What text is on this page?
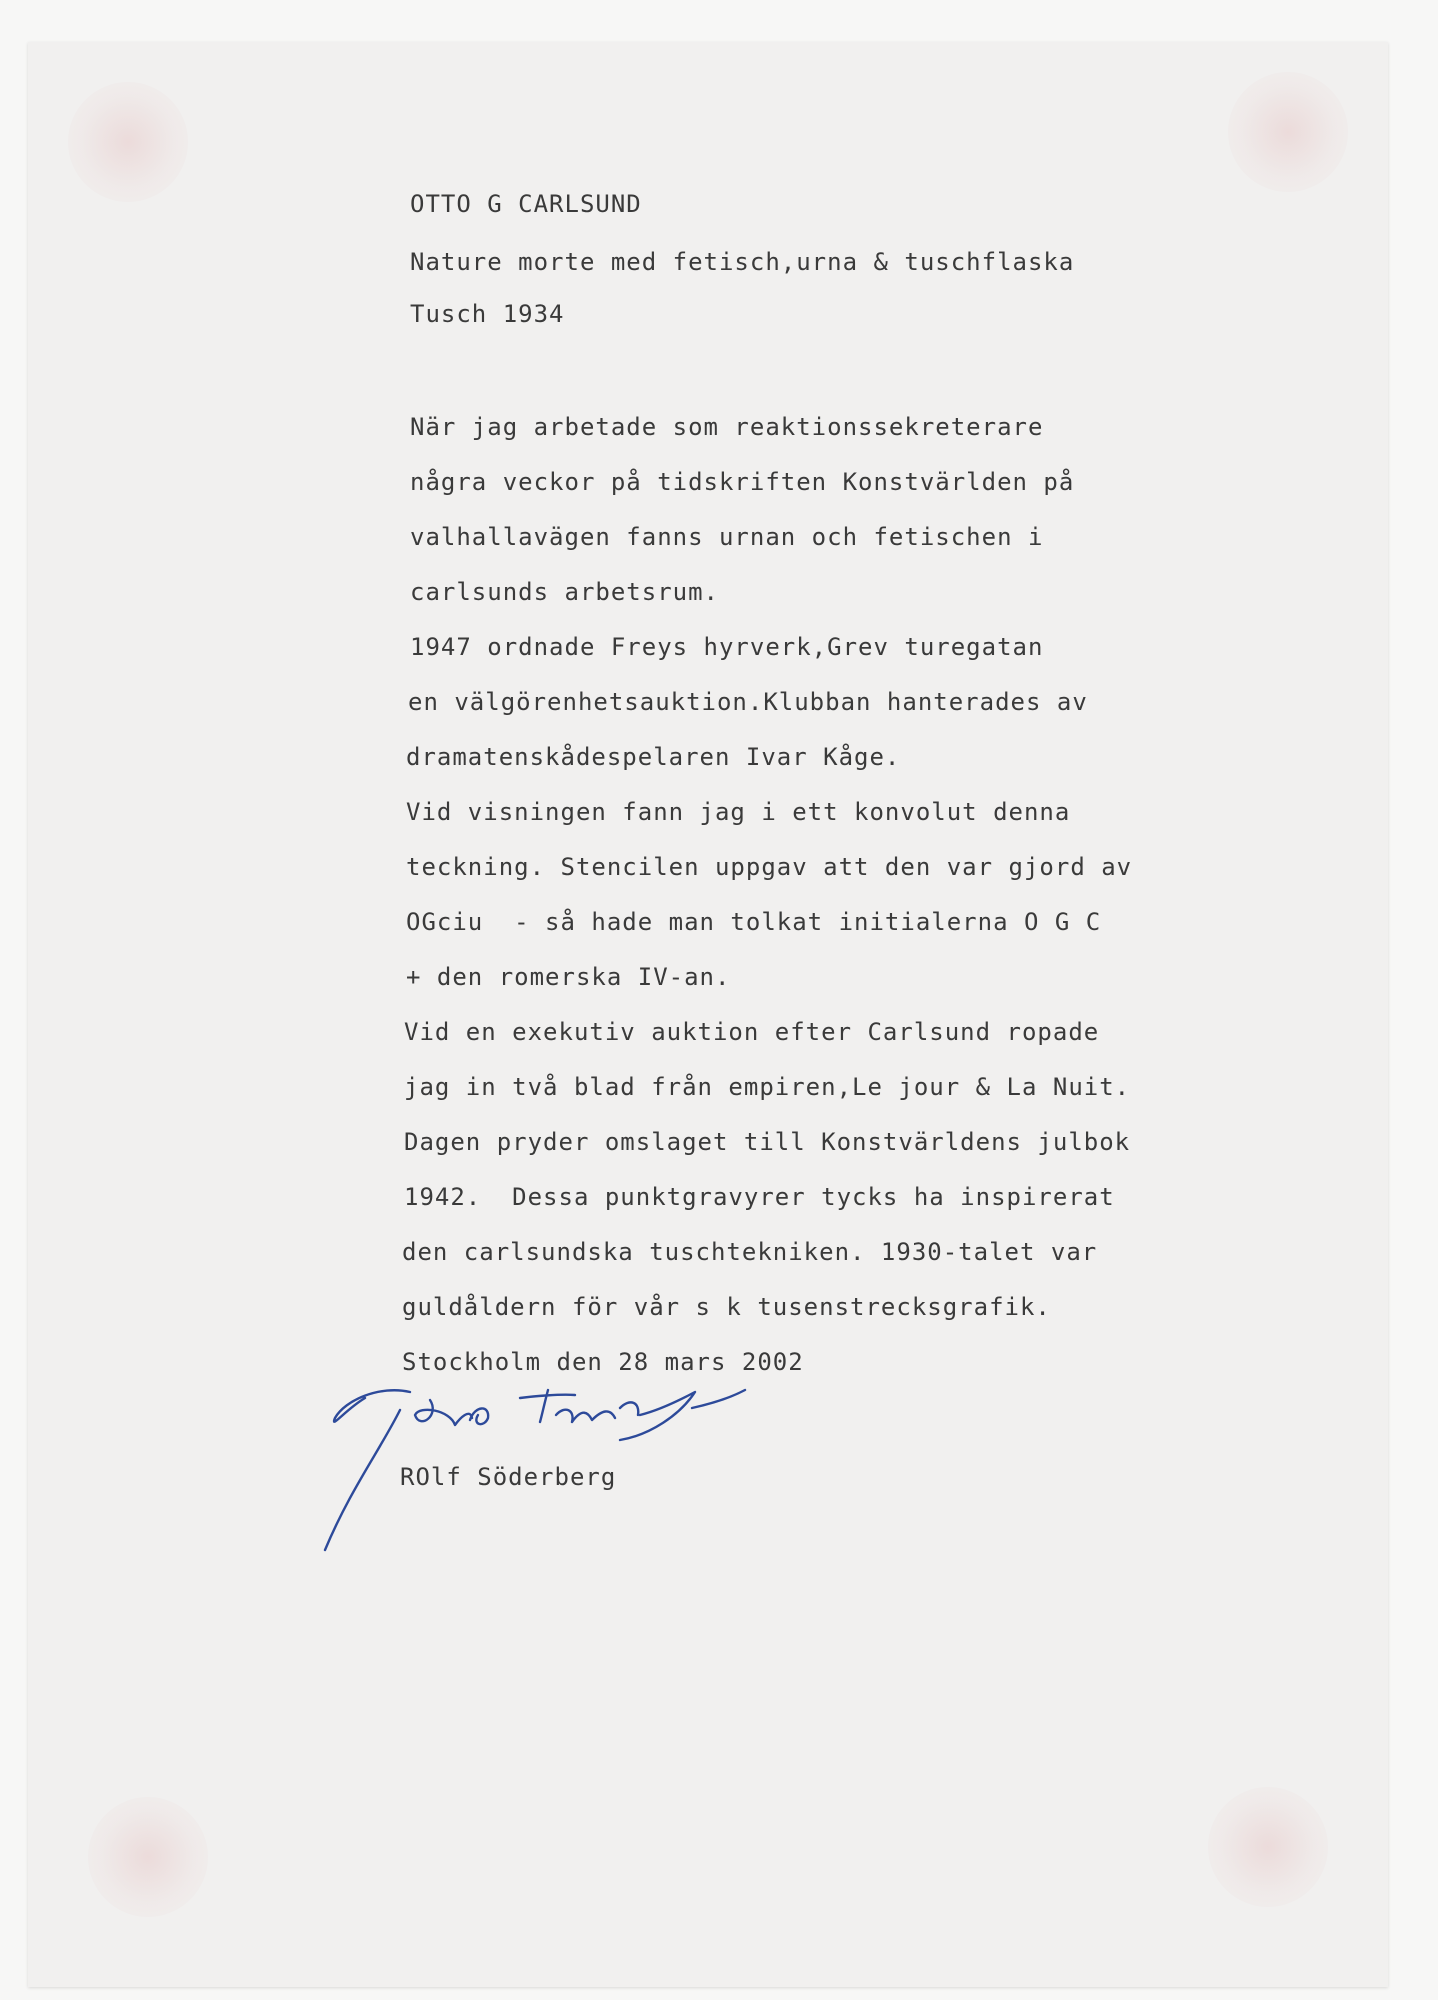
OTTO G CARLSUND

Nature morte med fetisch,urna & tuschflaska

Tusch 1934

När jag arbetade som reaktionssekreterare

några veckor på tidskriften Konstvärlden på

valhallavägen fanns urnan och fetischen i

carlsunds arbetsrum.

1947 ordnade Freys hyrverk,Grev turegatan

en välgörenhetsauktion.Klubban hanterades av

dramatenskådespelaren Ivar Kåge.

Vid visningen fann jag i ett konvolut denna

teckning. Stencilen uppgav att den var gjord av

OGciu  - så hade man tolkat initialerna O G C

+ den romerska IV-an.

Vid en exekutiv auktion efter Carlsund ropade

jag in två blad från empiren,Le jour & La Nuit.

Dagen pryder omslaget till Konstvärldens julbok

1942.  Dessa punktgravyrer tycks ha inspirerat

den carlsundska tuschtekniken. 1930-talet var

guldåldern för vår s k tusenstrecksgrafik.

Stockholm den 28 mars 2002

ROlf Söderberg
